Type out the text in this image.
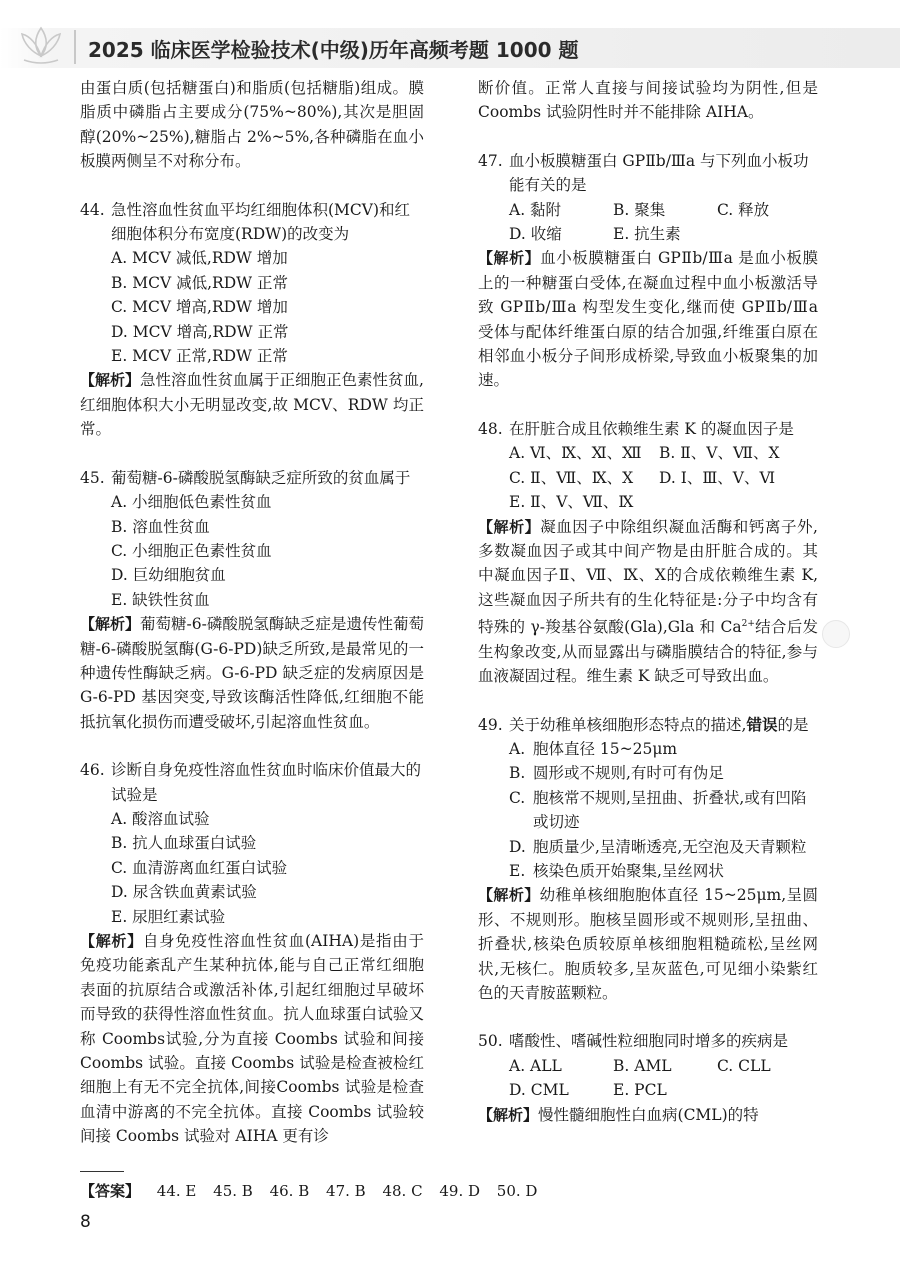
2025 临床医学检验技术(中级)历年高频考题 1000 题

由蛋白质(包括糖蛋白)和脂质(包括糖脂)组成。膜脂质中磷脂占主要成分(75%~80%),其次是胆固醇(20%~25%),糖脂占 2%~5%,各种磷脂在血小板膜两侧呈不对称分布。

44. 急性溶血性贫血平均红细胞体积(MCV)和红细胞体积分布宽度(RDW)的改变为
A. MCV 减低,RDW 增加
B. MCV 减低,RDW 正常
C. MCV 增高,RDW 增加
D. MCV 增高,RDW 正常
E. MCV 正常,RDW 正常

【解析】急性溶血性贫血属于正细胞正色素性贫血,红细胞体积大小无明显改变,故 MCV、RDW 均正常。

45. 葡萄糖-6-磷酸脱氢酶缺乏症所致的贫血属于
A. 小细胞低色素性贫血
B. 溶血性贫血
C. 小细胞正色素性贫血
D. 巨幼细胞贫血
E. 缺铁性贫血

【解析】葡萄糖-6-磷酸脱氢酶缺乏症是遗传性葡萄糖-6-磷酸脱氢酶(G-6-PD)缺乏所致,是最常见的一种遗传性酶缺乏病。G-6-PD 缺乏症的发病原因是 G-6-PD 基因突变,导致该酶活性降低,红细胞不能抵抗氧化损伤而遭受破坏,引起溶血性贫血。

46. 诊断自身免疫性溶血性贫血时临床价值最大的试验是
A. 酸溶血试验
B. 抗人血球蛋白试验
C. 血清游离血红蛋白试验
D. 尿含铁血黄素试验
E. 尿胆红素试验

【解析】自身免疫性溶血性贫血(AIHA)是指由于免疫功能紊乱产生某种抗体,能与自己正常红细胞表面的抗原结合或激活补体,引起红细胞过早破坏而导致的获得性溶血性贫血。抗人血球蛋白试验又称 Coombs试验,分为直接 Coombs 试验和间接 Coombs 试验。直接 Coombs 试验是检查被检红细胞上有无不完全抗体,间接Coombs 试验是检查血清中游离的不完全抗体。直接 Coombs 试验较间接 Coombs 试验对 AIHA 更有诊

断价值。正常人直接与间接试验均为阴性,但是 Coombs 试验阴性时并不能排除 AIHA。

47. 血小板膜糖蛋白 GPⅡb/Ⅲa 与下列血小板功能有关的是
A. 黏附	B. 聚集	C. 释放
D. 收缩	E. 抗生素

【解析】血小板膜糖蛋白 GPⅡb/Ⅲa 是血小板膜上的一种糖蛋白受体,在凝血过程中血小板激活导致 GPⅡb/Ⅲa 构型发生变化,继而使 GPⅡb/Ⅲa 受体与配体纤维蛋白原的结合加强,纤维蛋白原在相邻血小板分子间形成桥梁,导致血小板聚集的加速。

48. 在肝脏合成且依赖维生素 K 的凝血因子是
A. Ⅵ、Ⅸ、Ⅺ、Ⅻ	B. Ⅱ、Ⅴ、Ⅶ、Ⅹ
C. Ⅱ、Ⅶ、Ⅸ、Ⅹ	D. Ⅰ、Ⅲ、Ⅴ、Ⅵ
E. Ⅱ、Ⅴ、Ⅶ、Ⅸ

【解析】凝血因子中除组织凝血活酶和钙离子外,多数凝血因子或其中间产物是由肝脏合成的。其中凝血因子Ⅱ、Ⅶ、Ⅸ、Ⅹ的合成依赖维生素 K,这些凝血因子所共有的生化特征是:分子中均含有特殊的 γ-羧基谷氨酸(Gla),Gla 和 $Ca^{2+}$结合后发生构象改变,从而显露出与磷脂膜结合的特征,参与血液凝固过程。维生素 K 缺乏可导致出血。

49. 关于幼稚单核细胞形态特点的描述,错误的是
A. 胞体直径 15~25μm
B. 圆形或不规则,有时可有伪足
C. 胞核常不规则,呈扭曲、折叠状,或有凹陷或切迹
D. 胞质量少,呈清晰透亮,无空泡及天青颗粒
E. 核染色质开始聚集,呈丝网状

【解析】幼稚单核细胞胞体直径 15~25μm,呈圆形、不规则形。胞核呈圆形或不规则形,呈扭曲、折叠状,核染色质较原单核细胞粗糙疏松,呈丝网状,无核仁。胞质较多,呈灰蓝色,可见细小染紫红色的天青胺蓝颗粒。

50. 嗜酸性、嗜碱性粒细胞同时增多的疾病是
A. ALL	B. AML	C. CLL
D. CML	E. PCL

【解析】慢性髓细胞性白血病(CML)的特

【答案】 44. E 45. B 46. B 47. B 48. C 49. D 50. D
8
